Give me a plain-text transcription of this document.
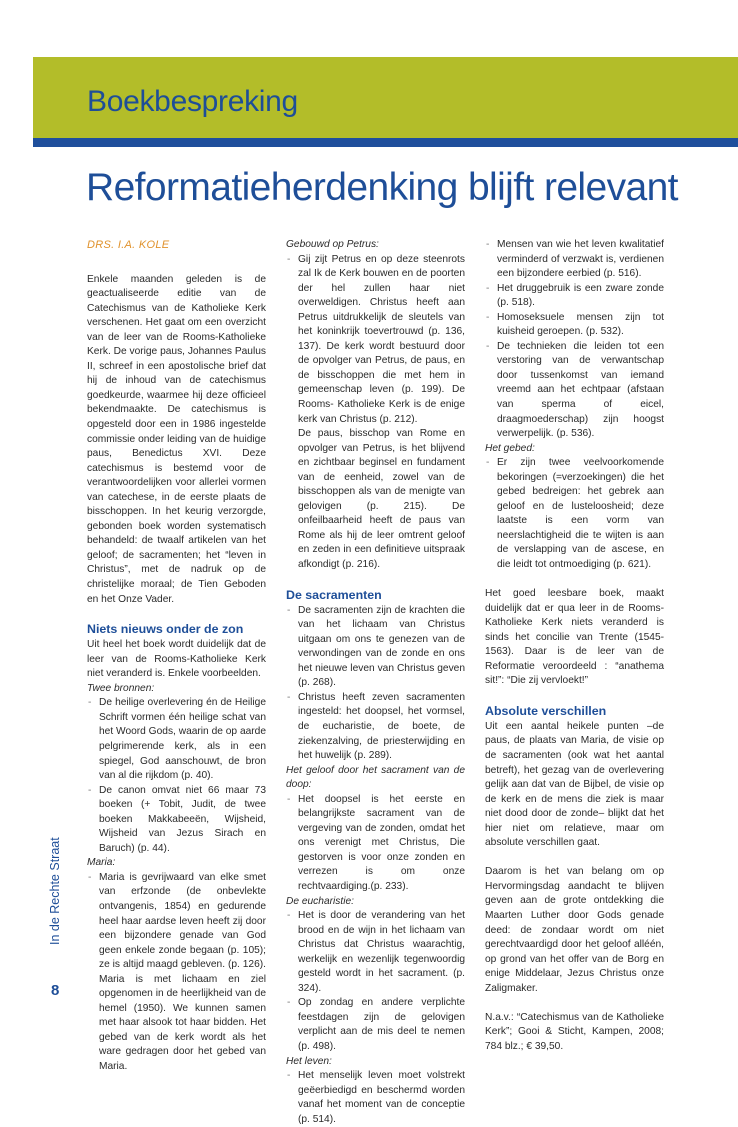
Boekbespreking
Reformatieherdenking blijft relevant
DRS. I.A. KOLE
Enkele maanden geleden is de geactualiseerde editie van de Catechismus van de Katholieke Kerk verschenen. Het gaat om een overzicht van de leer van de Rooms-Katholieke Kerk. De vorige paus, Johannes Paulus II, schreef in een apostolische brief dat hij de inhoud van de catechismus goedkeurde, waarmee hij deze officieel bekendmaakte. De catechismus is opgesteld door een in 1986 ingestelde commissie onder leiding van de huidige paus, Benedictus XVI. Deze catechismus is bestemd voor de verantwoordelijken voor allerlei vormen van catechese, in de eerste plaats de bisschoppen. In het keurig verzorgde, gebonden boek worden systematisch behandeld: de twaalf artikelen van het geloof; de sacramenten; het “leven in Christus”, met de nadruk op de christelijke moraal; de Tien Geboden en het Onze Vader.
Niets nieuws onder de zon
Uit heel het boek wordt duidelijk dat de leer van de Rooms-Katholieke Kerk niet veranderd is. Enkele voorbeelden.
Twee bronnen:
- De heilige overlevering én de Heilige Schrift vormen één heilige schat van het Woord Gods, waarin de op aarde pelgrimerende kerk, als in een spiegel, God aanschouwt, de bron van al die rijkdom (p. 40).
- De canon omvat niet 66 maar 73 boeken (+ Tobit, Judit, de twee boeken Makkabeeën, Wijsheid, Wijsheid van Jezus Sirach en Baruch) (p. 44).
Maria:
- Maria is gevrijwaard van elke smet van erfzonde (de onbevlekte ontvangenis, 1854) en gedurende heel haar aardse leven heeft zij door een bijzondere genade van God geen enkele zonde begaan (p. 105); ze is altijd maagd gebleven. (p. 126). Maria is met lichaam en ziel opgenomen in de heerlijkheid van de hemel (1950). We kunnen samen met haar alsook tot haar bidden. Het gebed van de kerk wordt als het ware gedragen door het gebed van Maria.
Gebouwd op Petrus:
- Gij zijt Petrus en op deze steenrots zal Ik de Kerk bouwen en de poorten der hel zullen haar niet overweldigen. Christus heeft aan Petrus uitdrukkelijk de sleutels van het koninkrijk toevertrouwd (p. 136, 137). De kerk wordt bestuurd door de opvolger van Petrus, de paus, en de bisschoppen die met hem in gemeenschap leven (p. 199). De Rooms- Katholieke Kerk is de enige kerk van Christus (p. 212).
De paus, bisschop van Rome en opvolger van Petrus, is het blijvend en zichtbaar beginsel en fundament van de eenheid, zowel van de bisschoppen als van de menigte van gelovigen (p. 215). De onfeilbaarheid heeft de paus van Rome als hij de leer omtrent geloof en zeden in een definitieve uitspraak afkondigt (p. 216).
De sacramenten
- De sacramenten zijn de krachten die van het lichaam van Christus uitgaan om ons te genezen van de verwondingen van de zonde en ons het nieuwe leven van Christus geven (p. 268).
- Christus heeft zeven sacramenten ingesteld: het doopsel, het vormsel, de eucharistie, de boete, de ziekenzalving, de priesterwijding en het huwelijk (p. 289).
Het geloof door het sacrament van de doop:
- Het doopsel is het eerste en belangrijkste sacrament van de vergeving van de zonden, omdat het ons verenigt met Christus, Die gestorven is voor onze zonden en verrezen is om onze rechtvaardiging.(p. 233).
De eucharistie:
- Het is door de verandering van het brood en de wijn in het lichaam van Christus dat Christus waarachtig, werkelijk en wezenlijk tegenwoordig gesteld wordt in het sacrament. (p. 324).
- Op zondag en andere verplichte feestdagen zijn de gelovigen verplicht aan de mis deel te nemen (p. 498).
Het leven:
- Het menselijk leven moet volstrekt geëerbiedigd en beschermd worden vanaf het moment van de conceptie (p. 514).
- Mensen van wie het leven kwalitatief verminderd of verzwakt is, verdienen een bijzondere eerbied (p. 516).
- Het druggebruik is een zware zonde (p. 518).
- Homoseksuele mensen zijn tot kuisheid geroepen. (p. 532).
- De technieken die leiden tot een verstoring van de verwantschap door tussenkomst van iemand vreemd aan het echtpaar (afstaan van sperma of eicel, draagmoederschap) zijn hoogst verwerpelijk. (p. 536).
Het gebed:
- Er zijn twee veelvoorkomende bekoringen (=verzoekingen) die het gebed bedreigen: het gebrek aan geloof en de lusteloosheid; deze laatste is een vorm van neerslachtigheid die te wijten is aan de verslapping van de ascese, en die leidt tot ontmoediging (p. 621).
Het goed leesbare boek, maakt duidelijk dat er qua leer in de Rooms-Katholieke Kerk niets veranderd is sinds het concilie van Trente (1545-1563). Daar is de leer van de Reformatie veroordeeld : “anathema sit!”: “Die zij vervloekt!”
Absolute verschillen
Uit een aantal heikele punten –de paus, de plaats van Maria, de visie op de sacramenten (ook wat het aantal betreft), het gezag van de overlevering gelijk aan dat van de Bijbel, de visie op de kerk en de mens die ziek is maar niet dood door de zonde– blijkt dat het hier niet om relatieve, maar om absolute verschillen gaat.
Daarom is het van belang om op Hervormingsdag aandacht te blijven geven aan de grote ontdekking die Maarten Luther door Gods genade deed: de zondaar wordt om niet gerechtvaardigd door het geloof alléén, op grond van het offer van de Borg en enige Middelaar, Jezus Christus onze Zaligmaker.
N.a.v.: “Catechismus van de Katholieke Kerk”; Gooi & Sticht, Kampen, 2008; 784 blz.; € 39,50.
In de Rechte Straat
8
